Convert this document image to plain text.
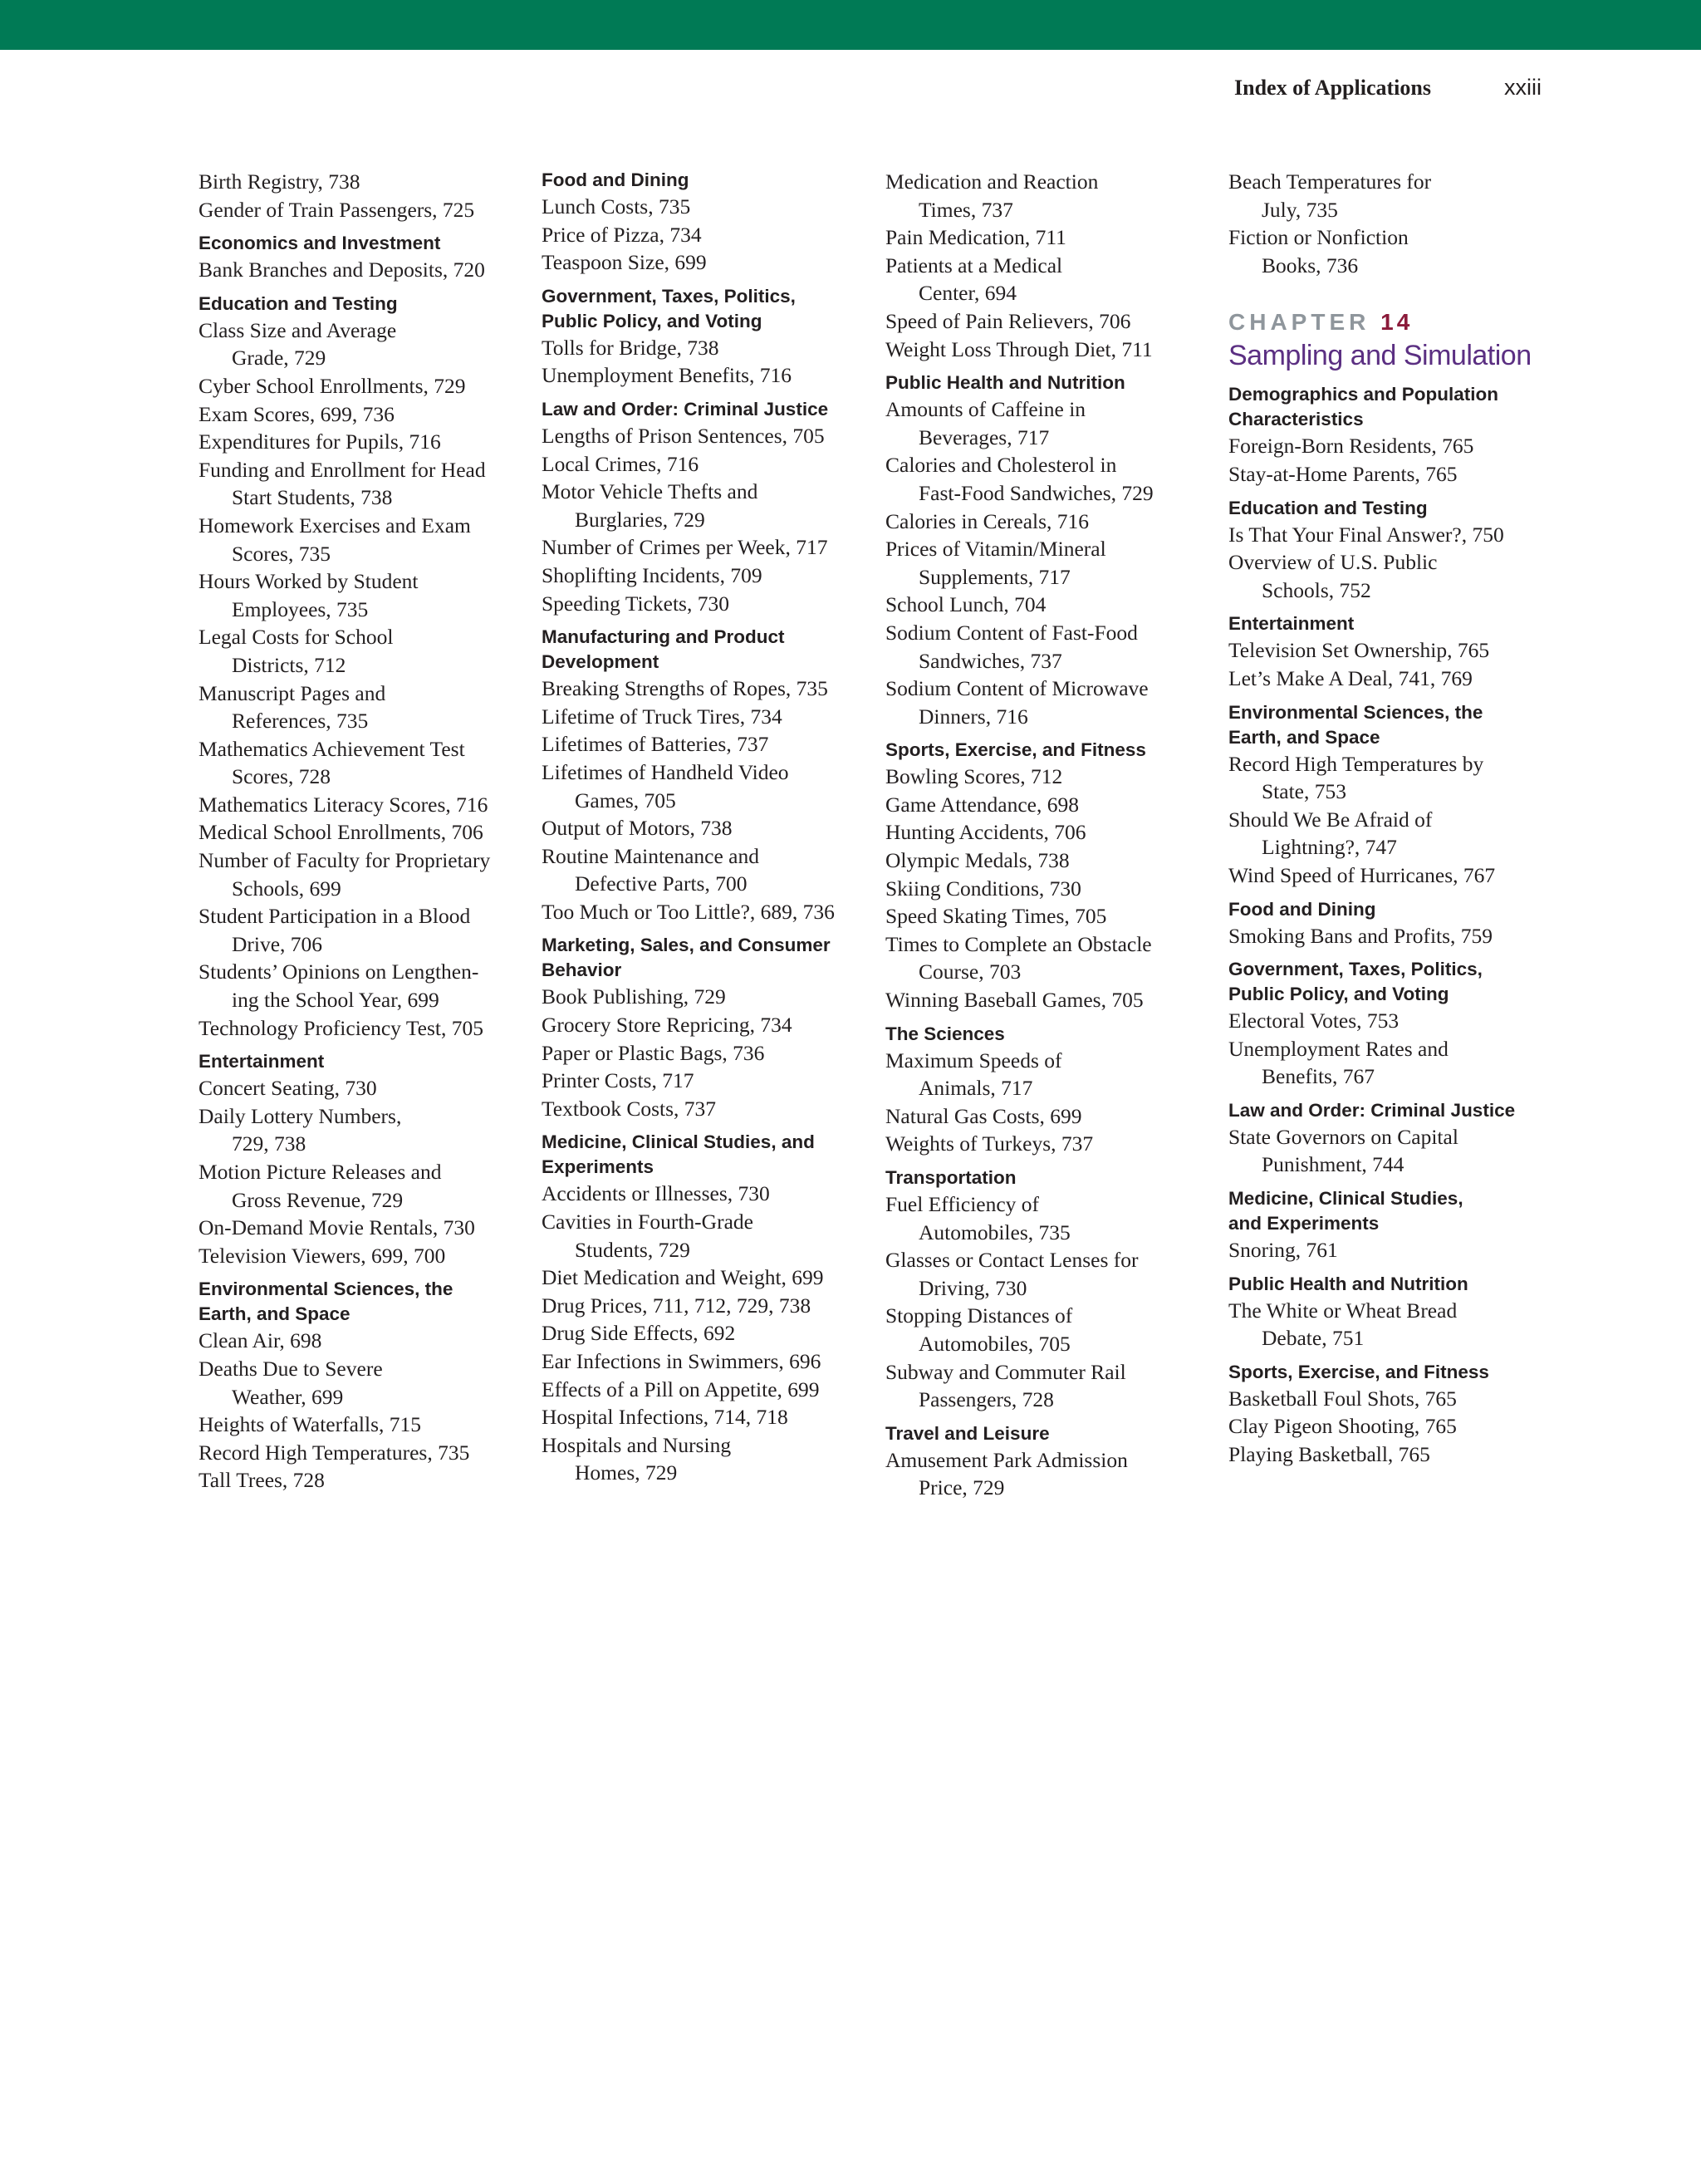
Index of Applications	xxiii
Birth Registry, 738
Gender of Train Passengers, 725
Economics and Investment
Bank Branches and Deposits, 720
Education and Testing
Class Size and Average
Grade, 729
Cyber School Enrollments, 729
Exam Scores, 699, 736
Expenditures for Pupils, 716
Funding and Enrollment for Head
Start Students, 738
Homework Exercises and Exam
Scores, 735
Hours Worked by Student
Employees, 735
Legal Costs for School
Districts, 712
Manuscript Pages and
References, 735
Mathematics Achievement Test
Scores, 728
Mathematics Literacy Scores, 716
Medical School Enrollments, 706
Number of Faculty for Proprietary
Schools, 699
Student Participation in a Blood
Drive, 706
Students’ Opinions on Lengthen-
ing the School Year, 699
Technology Proficiency Test, 705
Entertainment
Concert Seating, 730
Daily Lottery Numbers,
729, 738
Motion Picture Releases and
Gross Revenue, 729
On-Demand Movie Rentals, 730
Television Viewers, 699, 700
Environmental Sciences, the
Earth, and Space
Clean Air, 698
Deaths Due to Severe
Weather, 699
Heights of Waterfalls, 715
Record High Temperatures, 735
Tall Trees, 728
Food and Dining
Lunch Costs, 735
Price of Pizza, 734
Teaspoon Size, 699
Government, Taxes, Politics,
Public Policy, and Voting
Tolls for Bridge, 738
Unemployment Benefits, 716
Law and Order: Criminal Justice
Lengths of Prison Sentences, 705
Local Crimes, 716
Motor Vehicle Thefts and
Burglaries, 729
Number of Crimes per Week, 717
Shoplifting Incidents, 709
Speeding Tickets, 730
Manufacturing and Product
Development
Breaking Strengths of Ropes, 735
Lifetime of Truck Tires, 734
Lifetimes of Batteries, 737
Lifetimes of Handheld Video
Games, 705
Output of Motors, 738
Routine Maintenance and
Defective Parts, 700
Too Much or Too Little?, 689, 736
Marketing, Sales, and Consumer
Behavior
Book Publishing, 729
Grocery Store Repricing, 734
Paper or Plastic Bags, 736
Printer Costs, 717
Textbook Costs, 737
Medicine, Clinical Studies, and
Experiments
Accidents or Illnesses, 730
Cavities in Fourth-Grade
Students, 729
Diet Medication and Weight, 699
Drug Prices, 711, 712, 729, 738
Drug Side Effects, 692
Ear Infections in Swimmers, 696
Effects of a Pill on Appetite, 699
Hospital Infections, 714, 718
Hospitals and Nursing
Homes, 729
Medication and Reaction
Times, 737
Pain Medication, 711
Patients at a Medical
Center, 694
Speed of Pain Relievers, 706
Weight Loss Through Diet, 711
Public Health and Nutrition
Amounts of Caffeine in
Beverages, 717
Calories and Cholesterol in
Fast-Food Sandwiches, 729
Calories in Cereals, 716
Prices of Vitamin/Mineral
Supplements, 717
School Lunch, 704
Sodium Content of Fast-Food
Sandwiches, 737
Sodium Content of Microwave
Dinners, 716
Sports, Exercise, and Fitness
Bowling Scores, 712
Game Attendance, 698
Hunting Accidents, 706
Olympic Medals, 738
Skiing Conditions, 730
Speed Skating Times, 705
Times to Complete an Obstacle
Course, 703
Winning Baseball Games, 705
The Sciences
Maximum Speeds of
Animals, 717
Natural Gas Costs, 699
Weights of Turkeys, 737
Transportation
Fuel Efficiency of
Automobiles, 735
Glasses or Contact Lenses for
Driving, 730
Stopping Distances of
Automobiles, 705
Subway and Commuter Rail
Passengers, 728
Travel and Leisure
Amusement Park Admission
Price, 729
Beach Temperatures for
July, 735
Fiction or Nonfiction
Books, 736
CHAPTER 14
Sampling and Simulation
Demographics and Population
Characteristics
Foreign-Born Residents, 765
Stay-at-Home Parents, 765
Education and Testing
Is That Your Final Answer?, 750
Overview of U.S. Public
Schools, 752
Entertainment
Television Set Ownership, 765
Let’s Make A Deal, 741, 769
Environmental Sciences, the
Earth, and Space
Record High Temperatures by
State, 753
Should We Be Afraid of
Lightning?, 747
Wind Speed of Hurricanes, 767
Food and Dining
Smoking Bans and Profits, 759
Government, Taxes, Politics,
Public Policy, and Voting
Electoral Votes, 753
Unemployment Rates and
Benefits, 767
Law and Order: Criminal Justice
State Governors on Capital
Punishment, 744
Medicine, Clinical Studies,
and Experiments
Snoring, 761
Public Health and Nutrition
The White or Wheat Bread
Debate, 751
Sports, Exercise, and Fitness
Basketball Foul Shots, 765
Clay Pigeon Shooting, 765
Playing Basketball, 765
